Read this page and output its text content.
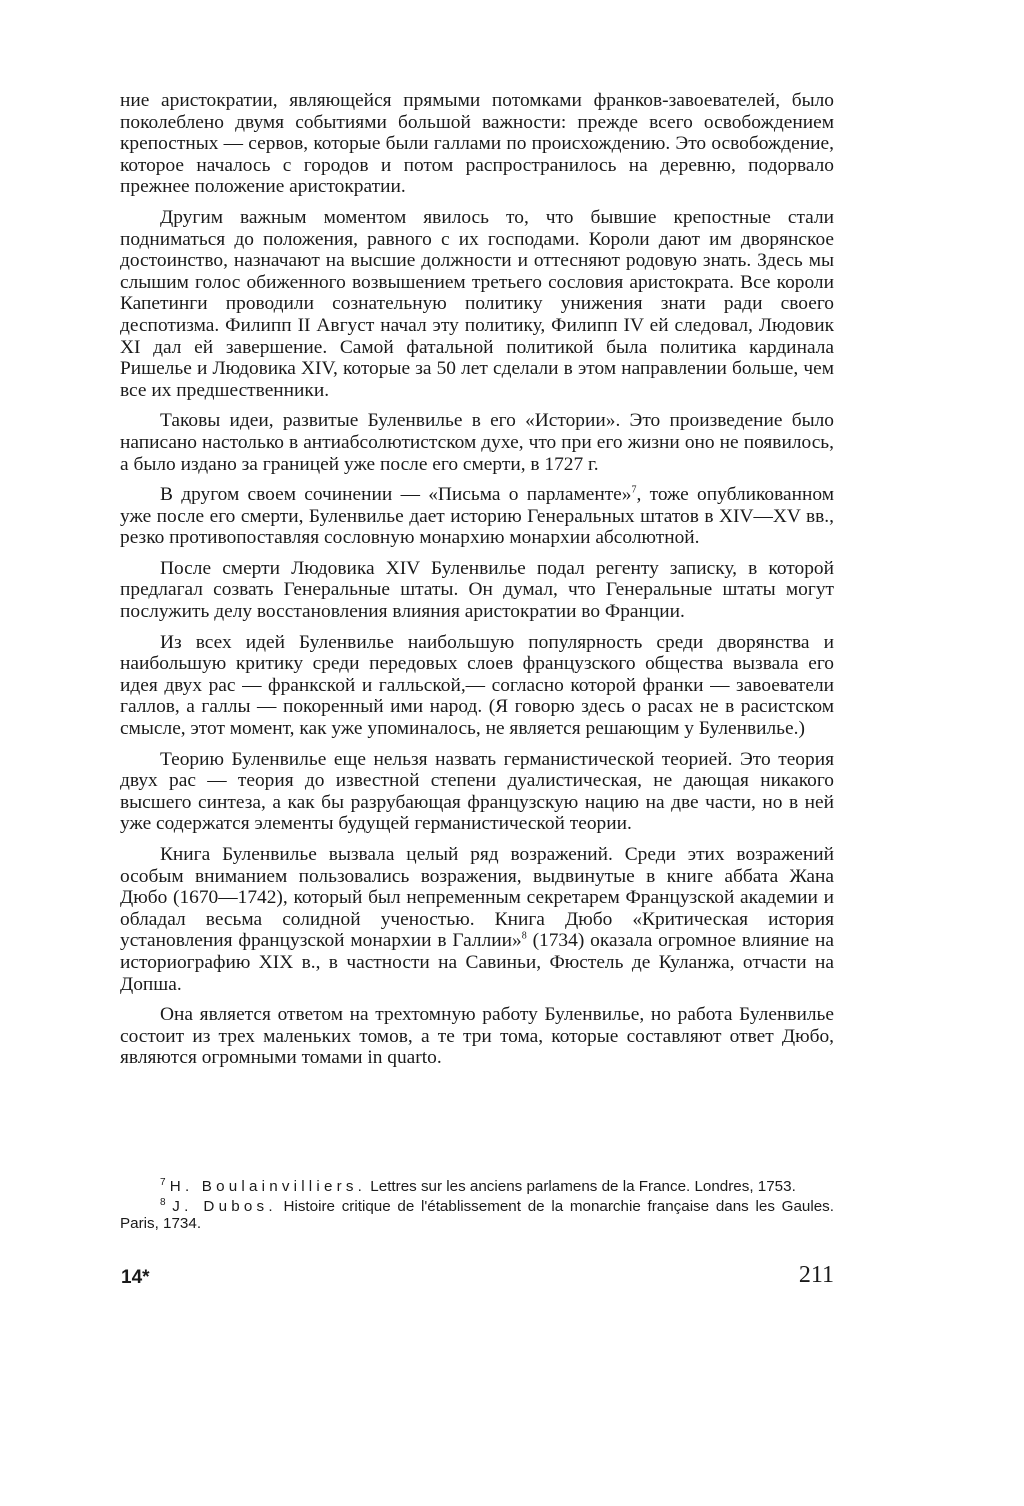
ние аристократии, являющейся прямыми потомками франков-завоевателей, было поколеблено двумя событиями большой важности: прежде всего освобождением крепостных — сервов, которые были галлами по происхождению. Это освобождение, которое началось с городов и потом распространилось на деревню, подорвало прежнее положение аристократии.

Другим важным моментом явилось то, что бывшие крепостные стали подниматься до положения, равного с их господами. Короли дают им дворянское достоинство, назначают на высшие должности и оттесняют родовую знать. Здесь мы слышим голос обиженного возвышением третьего сословия аристократа. Все короли Капетинги проводили сознательную политику унижения знати ради своего деспотизма. Филипп II Август начал эту политику, Филипп IV ей следовал, Людовик XI дал ей завершение. Самой фатальной политикой была политика кардинала Ришелье и Людовика XIV, которые за 50 лет сделали в этом направлении больше, чем все их предшественники.

Таковы идеи, развитые Буленвилье в его «Истории». Это произведение было написано настолько в антиабсолютистском духе, что при его жизни оно не появилось, а было издано за границей уже после его смерти, в 1727 г.

В другом своем сочинении — «Письма о парламенте»$^7$, тоже опубликованном уже после его смерти, Буленвилье дает историю Генеральных штатов в XIV—XV вв., резко противопоставляя сословную монархию монархии абсолютной.

После смерти Людовика XIV Буленвилье подал регенту записку, в которой предлагал созвать Генеральные штаты. Он думал, что Генеральные штаты могут послужить делу восстановления влияния аристократии во Франции.

Из всех идей Буленвилье наибольшую популярность среди дворянства и наибольшую критику среди передовых слоев французского общества вызвала его идея двух рас — франкской и галльской,— согласно которой франки — завоеватели галлов, а галлы — покоренный ими народ. (Я говорю здесь о расах не в расистском смысле, этот момент, как уже упоминалось, не является решающим у Буленвилье.)

Теорию Буленвилье еще нельзя назвать германистической теорией. Это теория двух рас — теория до известной степени дуалистическая, не дающая никакого высшего синтеза, а как бы разрубающая французскую нацию на две части, но в ней уже содержатся элементы будущей германистической теории.

Книга Буленвилье вызвала целый ряд возражений. Среди этих возражений особым вниманием пользовались возражения, выдвинутые в книге аббата Жана Дюбо (1670—1742), который был непременным секретарем Французской академии и обладал весьма солидной ученостью. Книга Дюбо «Критическая история установления французской монархии в Галлии»$^8$ (1734) оказала огромное влияние на историографию XIX в., в частности на Савиньи, Фюстель де Куланжа, отчасти на Допша.

Она является ответом на трехтомную работу Буленвилье, но работа Буленвилье состоит из трех маленьких томов, а те три тома, которые составляют ответ Дюбо, являются огромными томами in quarto.

$^7$ H. Boulainvilliers. Lettres sur les anciens parlamens de la France. Londres, 1753.

$^8$ J. Dubos. Histoire critique de l'établissement de la monarchie française dans les Gaules. Paris, 1734.

14*	211
